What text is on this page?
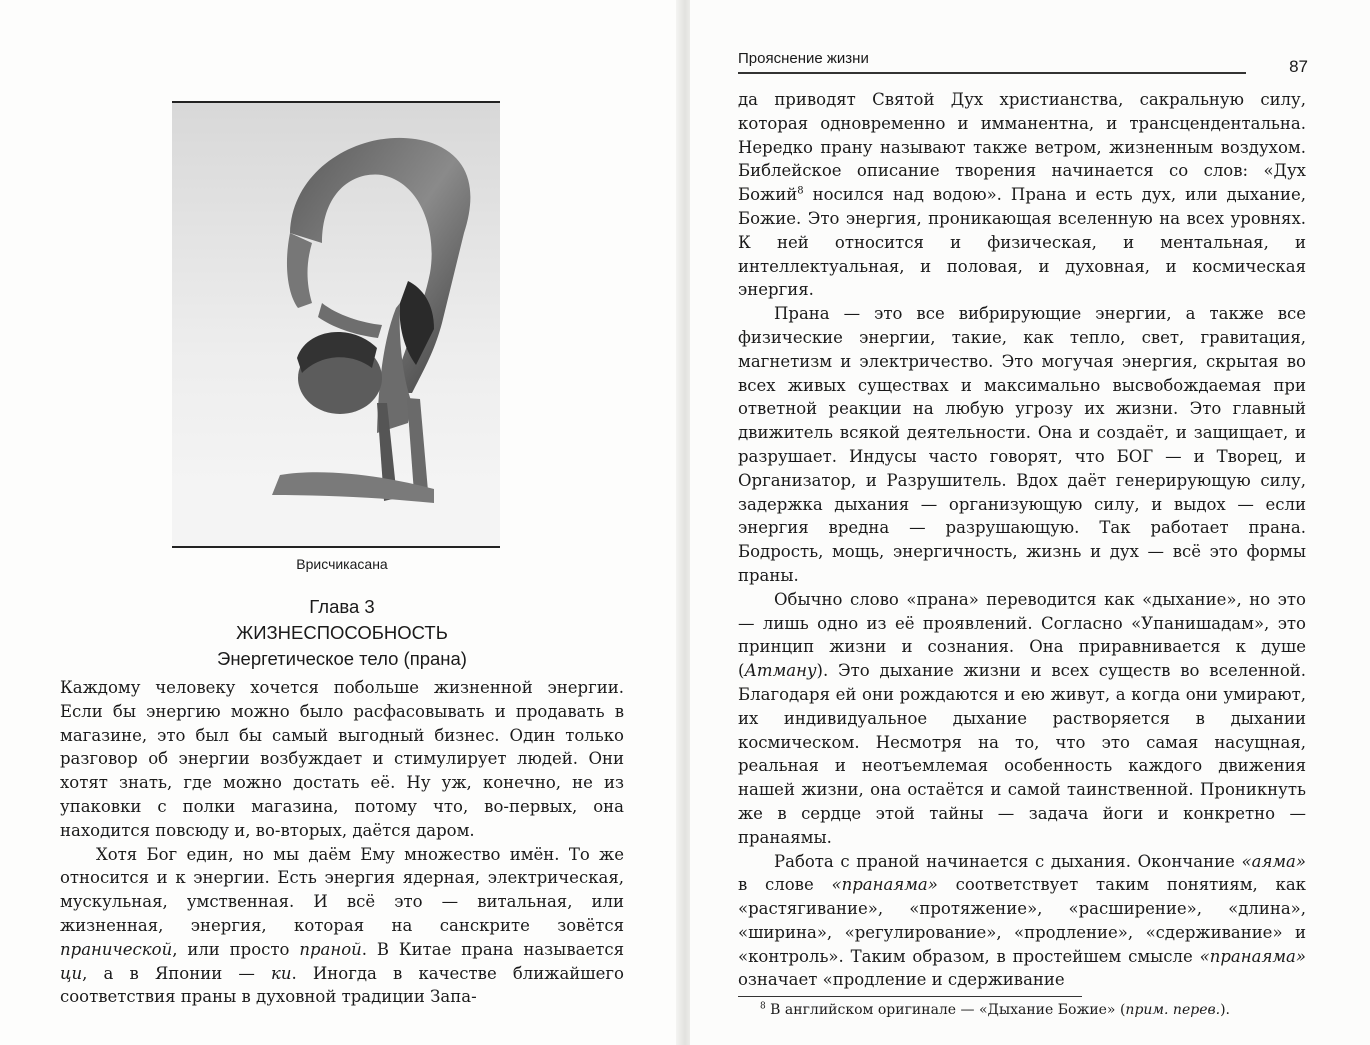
Врисчикасана
Глава 3
ЖИЗНЕСПОСОБНОСТЬ
Энергетическое тело (прана)

Каждому человеку хочется побольше жизненной энергии. Если бы энергию можно было расфасовывать и продавать в магазине, это был бы самый выгодный бизнес. Один только разговор об энергии возбуждает и стимулирует людей. Они хотят знать, где можно достать её. Ну уж, конечно, не из упаковки с полки магазина, потому что, во-первых, она находится повсюду и, во-вторых, даётся даром.

Хотя Бог един, но мы даём Ему множество имён. То же относится и к энергии. Есть энергия ядерная, электрическая, мускульная, умственная. И всё это — витальная, или жизненная, энергия, которая на санскрите зовётся пранической, или просто праной. В Китае прана называется ци, а в Японии — ки. Иногда в качестве ближайшего соответствия праны в духовной традиции Запа-

Прояснение жизни	87

да приводят Святой Дух христианства, сакральную силу, которая одновременно и имманентна, и трансцендентальна. Нередко прану называют также ветром, жизненным воздухом. Библейское описание творения начинается со слов: «Дух Божий$^8$ носился над водою». Прана и есть дух, или дыхание, Божие. Это энергия, проникающая вселенную на всех уровнях. К ней относится и физическая, и ментальная, и интеллектуальная, и половая, и духовная, и космическая энергия.

Прана — это все вибрирующие энергии, а также все физические энергии, такие, как тепло, свет, гравитация, магнетизм и электричество. Это могучая энергия, скрытая во всех живых существах и максимально высвобождаемая при ответной реакции на любую угрозу их жизни. Это главный движитель всякой деятельности. Она и создаёт, и защищает, и разрушает. Индусы часто говорят, что БОГ — и Творец, и Организатор, и Разрушитель. Вдох даёт генерирующую силу, задержка дыхания — организующую силу, и выдох — если энергия вредна — разрушающую. Так работает прана. Бодрость, мощь, энергичность, жизнь и дух — всё это формы праны.

Обычно слово «прана» переводится как «дыхание», но это — лишь одно из её проявлений. Согласно «Упанишадам», это принцип жизни и сознания. Она приравнивается к душе (Атману). Это дыхание жизни и всех существ во вселенной. Благодаря ей они рождаются и ею живут, а когда они умирают, их индивидуальное дыхание растворяется в дыхании космическом. Несмотря на то, что это самая насущная, реальная и неотъемлемая особенность каждого движения нашей жизни, она остаётся и самой таинственной. Проникнуть же в сердце этой тайны — задача йоги и конкретно — пранаямы.

Работа с праной начинается с дыхания. Окончание «аяма» в слове «пранаяма» соответствует таким понятиям, как «растягивание», «протяжение», «расширение», «длина», «ширина», «регулирование», «продление», «сдерживание» и «контроль». Таким образом, в простейшем смысле «пранаяма» означает «продление и сдерживание

$^8$ В английском оригинале — «Дыхание Божие» (прим. перев.).
